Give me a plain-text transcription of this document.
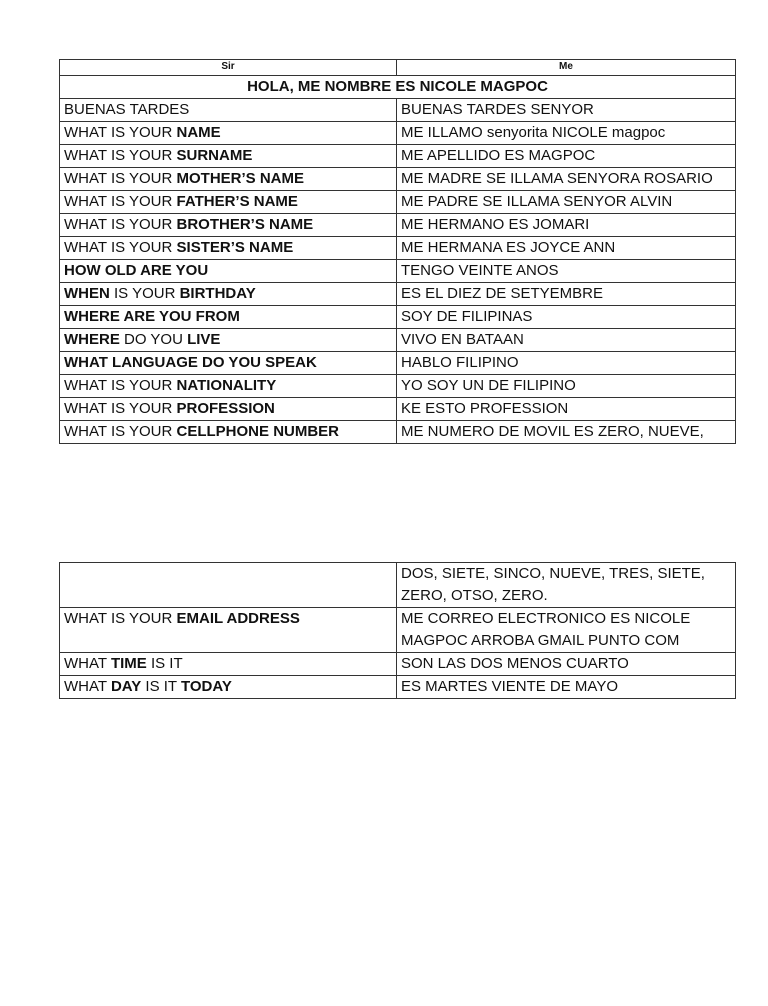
Sir	Me
HOLA, ME NOMBRE ES NICOLE MAGPOC	
BUENAS TARDES	BUENAS TARDES SENYOR
WHAT IS YOUR NAME	ME ILLAMO senyorita NICOLE magpoc
WHAT IS YOUR SURNAME	ME APELLIDO ES MAGPOC
WHAT IS YOUR MOTHER’S NAME	ME MADRE SE ILLAMA SENYORA ROSARIO
WHAT IS YOUR FATHER’S NAME	ME PADRE SE ILLAMA SENYOR ALVIN
WHAT IS YOUR BROTHER’S NAME	ME HERMANO ES JOMARI
WHAT IS YOUR SISTER’S NAME	ME HERMANA ES JOYCE ANN
HOW OLD ARE YOU	TENGO VEINTE ANOS
WHEN IS YOUR BIRTHDAY	ES EL DIEZ DE SETYEMBRE
WHERE ARE YOU FROM	SOY DE FILIPINAS
WHERE DO YOU LIVE	VIVO EN BATAAN
WHAT LANGUAGE DO YOU SPEAK	HABLO FILIPINO
WHAT IS YOUR NATIONALITY	YO SOY UN DE FILIPINO
WHAT IS YOUR PROFESSION	KE ESTO PROFESSION
WHAT IS YOUR CELLPHONE NUMBER	ME NUMERO DE MOVIL ES ZERO, NUEVE,
	DOS, SIETE, SINCO, NUEVE, TRES, SIETE, ZERO, OTSO, ZERO.
WHAT IS YOUR EMAIL ADDRESS	ME CORREO ELECTRONICO ES NICOLE MAGPOC ARROBA GMAIL PUNTO COM
WHAT TIME IS IT	SON LAS DOS MENOS CUARTO
WHAT DAY IS IT TODAY	ES MARTES VIENTE DE MAYO
